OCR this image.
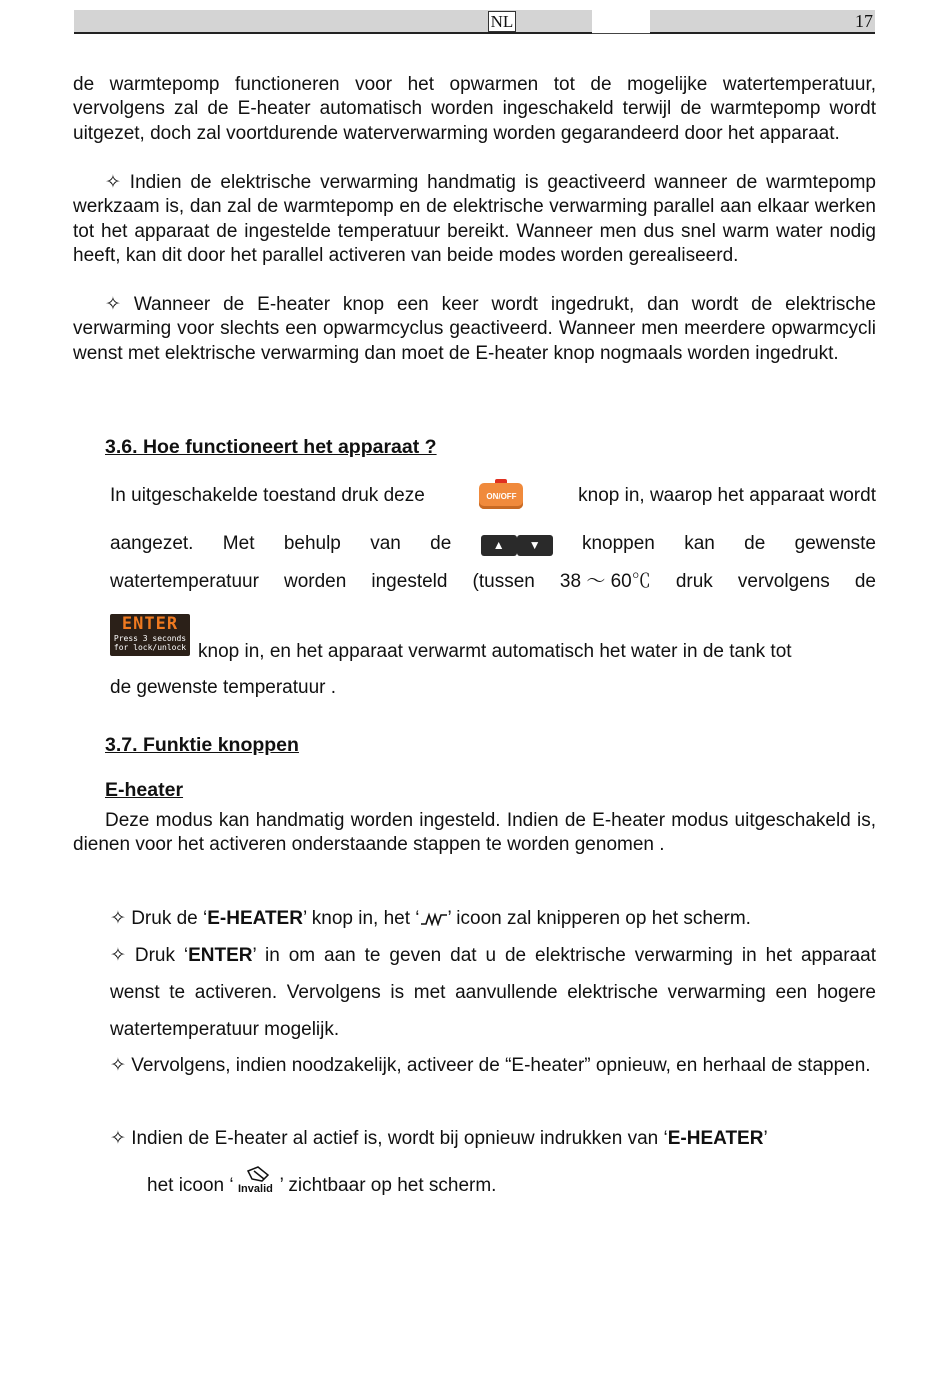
NL	17

de warmtepomp functioneren voor het opwarmen tot de mogelijke watertemperatuur, vervolgens zal de E-heater automatisch worden ingeschakeld terwijl de warmtepomp wordt uitgezet, doch zal voortdurende waterverwarming worden gegarandeerd door het apparaat.

✧ Indien de elektrische verwarming handmatig is geactiveerd wanneer de warmtepomp werkzaam is, dan zal de warmtepomp en de elektrische verwarming parallel aan elkaar werken tot het apparaat de ingestelde temperatuur bereikt. Wanneer men dus snel warm water nodig heeft, kan dit door het parallel activeren van beide modes worden gerealiseerd.

✧ Wanneer de E-heater knop een keer wordt ingedrukt, dan wordt de elektrische verwarming voor slechts een opwarmcyclus geactiveerd. Wanneer men meerdere opwarmcycli wenst met elektrische verwarming dan moet de E-heater knop nogmaals worden ingedrukt.

3.6. Hoe functioneert het apparaat ?
In uitgeschakelde toestand druk deze	ON/OFF	knop in, waarop het apparaat wordt
aangezet. Met behulp van de	▲ ▼	knoppen kan de gewenste
watertemperatuur worden ingesteld (tussen 38 ～ 60℃ druk vervolgens de
ENTER
Press 3 seconds
for lock/unlock knop in, en het apparaat verwarmt automatisch het water in de tank tot
de gewenste temperatuur .
3.7. Funktie knoppen
E-heater

Deze modus kan handmatig worden ingesteld. Indien de E-heater modus uitgeschakeld is, dienen voor het activeren onderstaande stappen te worden genomen .

✧ Druk de ‘E-HEATER’ knop in, het ‘ ’ icoon zal knipperen op het scherm.
✧ Druk ‘ENTER’ in om aan te geven dat u de elektrische verwarming in het apparaat wenst te activeren. Vervolgens is met aanvullende elektrische verwarming een hogere watertemperatuur mogelijk.
✧ Vervolgens, indien noodzakelijk, activeer de “E-heater” opnieuw, en herhaal de stappen.
✧ Indien de E-heater al actief is, wordt bij opnieuw indrukken van ‘E-HEATER’
het icoon ‘ Invalid ’ zichtbaar op het scherm.
